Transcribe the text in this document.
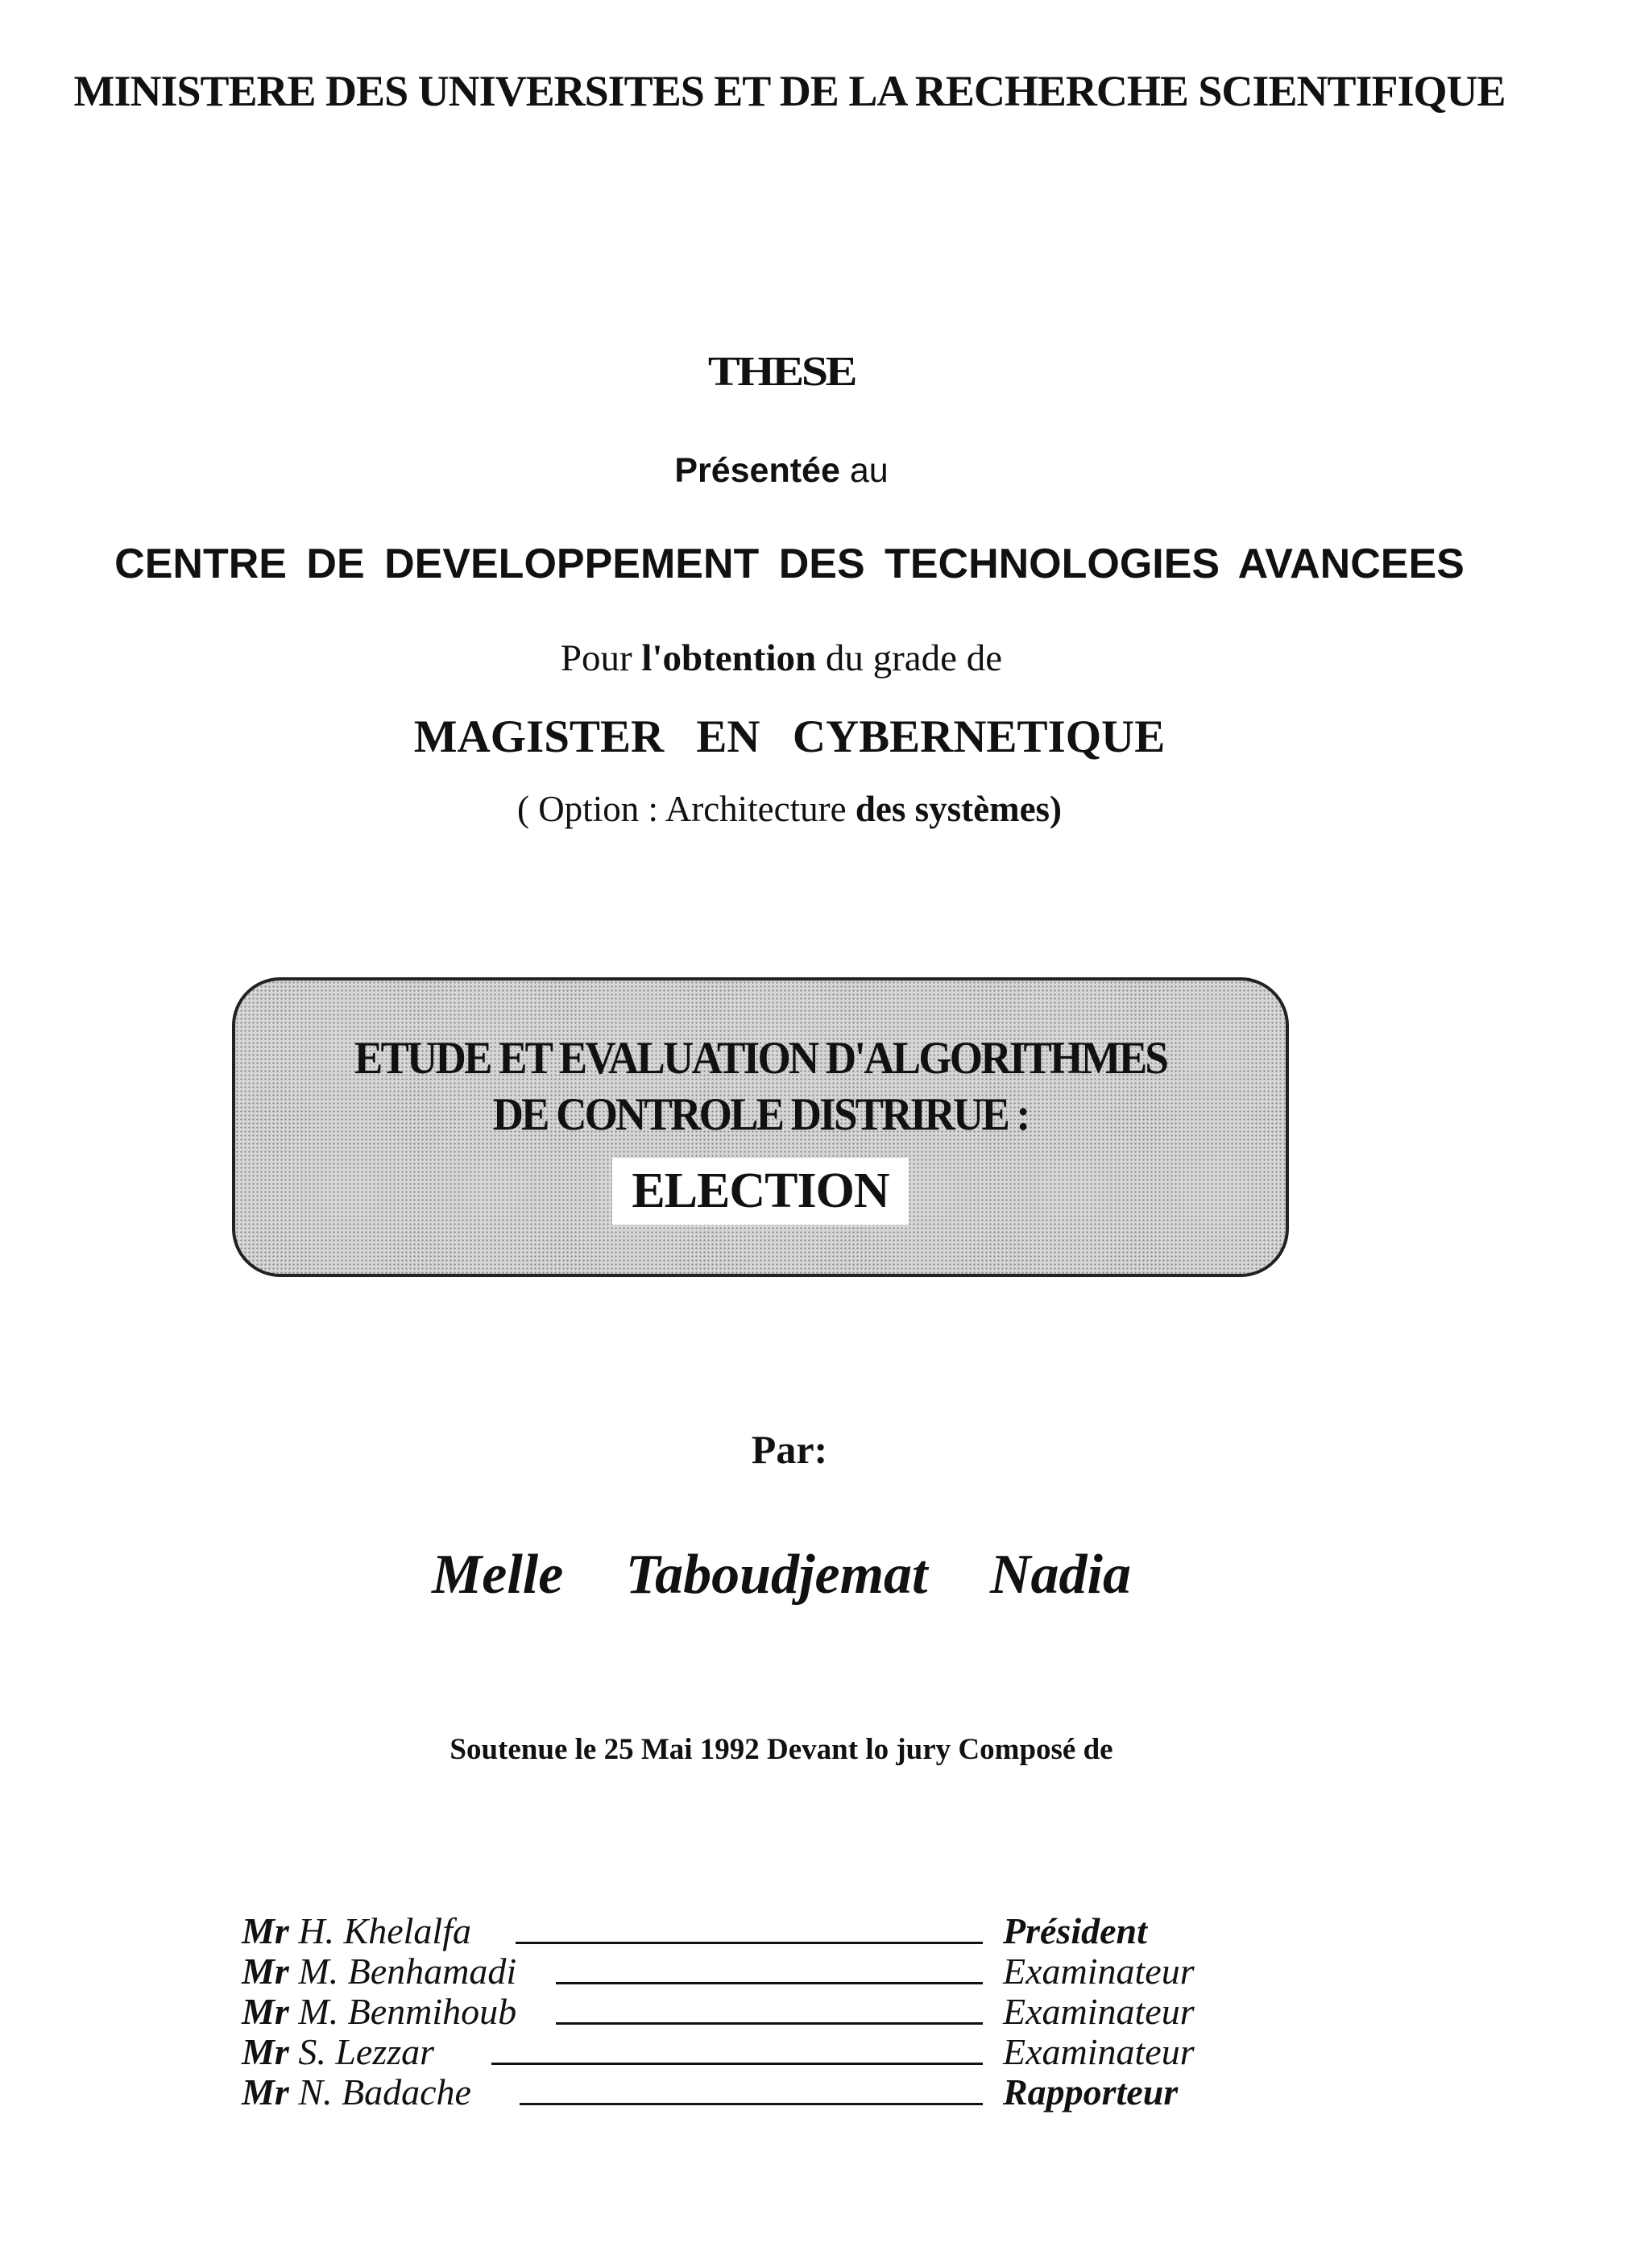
MINISTERE DES UNIVERSITES ET DE LA RECHERCHE SCIENTIFIQUE
THESE
Présentée au
CENTRE DE DEVELOPPEMENT DES TECHNOLOGIES AVANCEES
Pour l'obtention du grade de
MAGISTER EN CYBERNETIQUE
( Option : Architecture des systèmes)
ETUDE ET EVALUATION D'ALGORITHMES
DE CONTROLE DISTRIRUE :
ELECTION
Par:
Melle Taboudjemat Nadia
Soutenue le 25 Mai 1992 Devant lo jury Composé de
Mr H. Khelalfa	Président
Mr M. Benhamadi	Examinateur
Mr M. Benmihoub	Examinateur
Mr S. Lezzar	Examinateur
Mr N. Badache	Rapporteur
